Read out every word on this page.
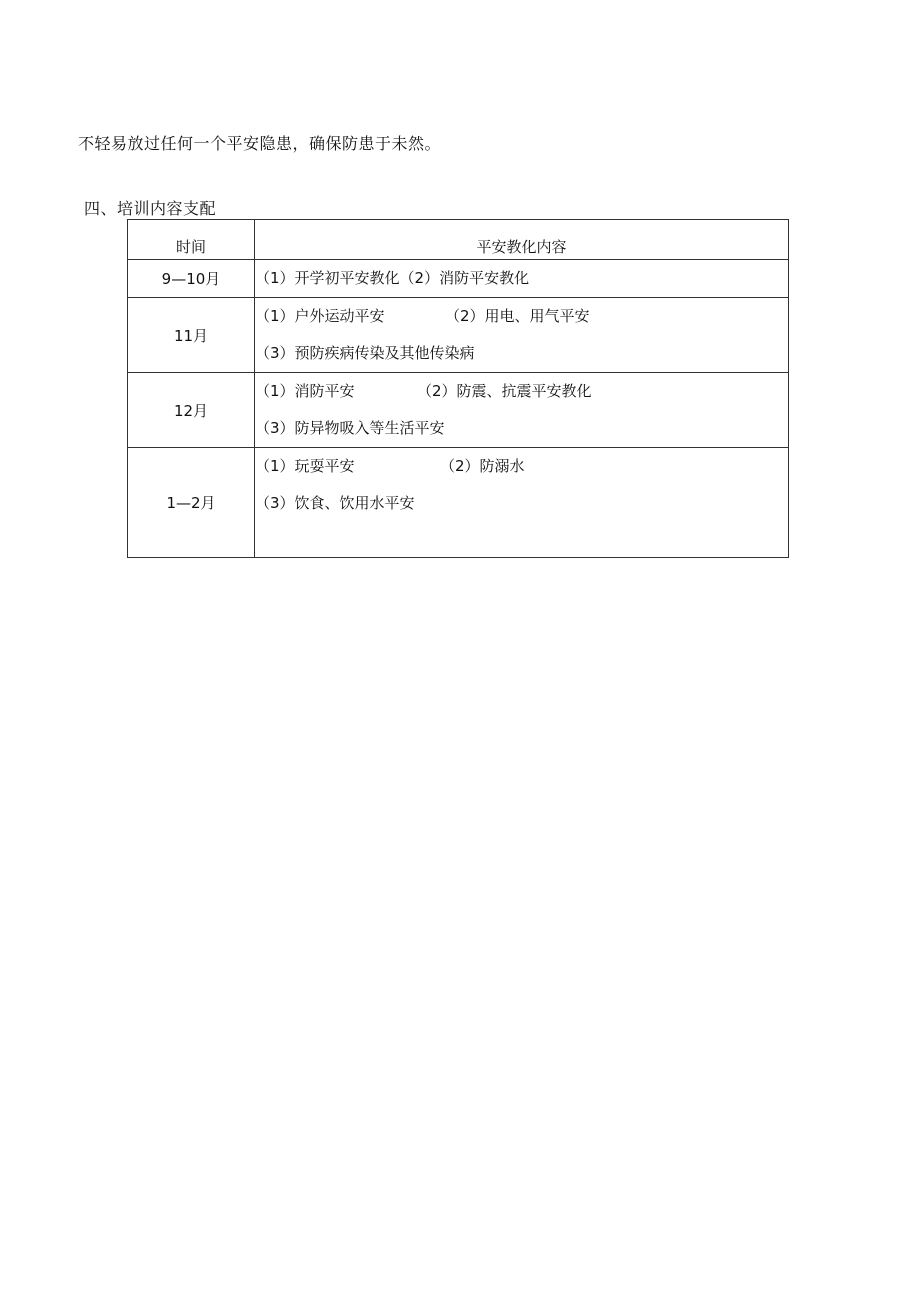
不轻易放过任何一个平安隐患，确保防患于未然。
四、培训内容支配
时间	平安教化内容
9—10月	（1）开学初平安教化（2）消防平安教化

11月	（1）户外运动平安 （2）用电、用气平安
（3）预防疾病传染及其他传染病

12月	（1）消防平安 （2）防震、抗震平安教化
（3）防异物吸入等生活平安

1—2月	（1）玩耍平安 （2）防溺水
（3）饮食、饮用水平安
